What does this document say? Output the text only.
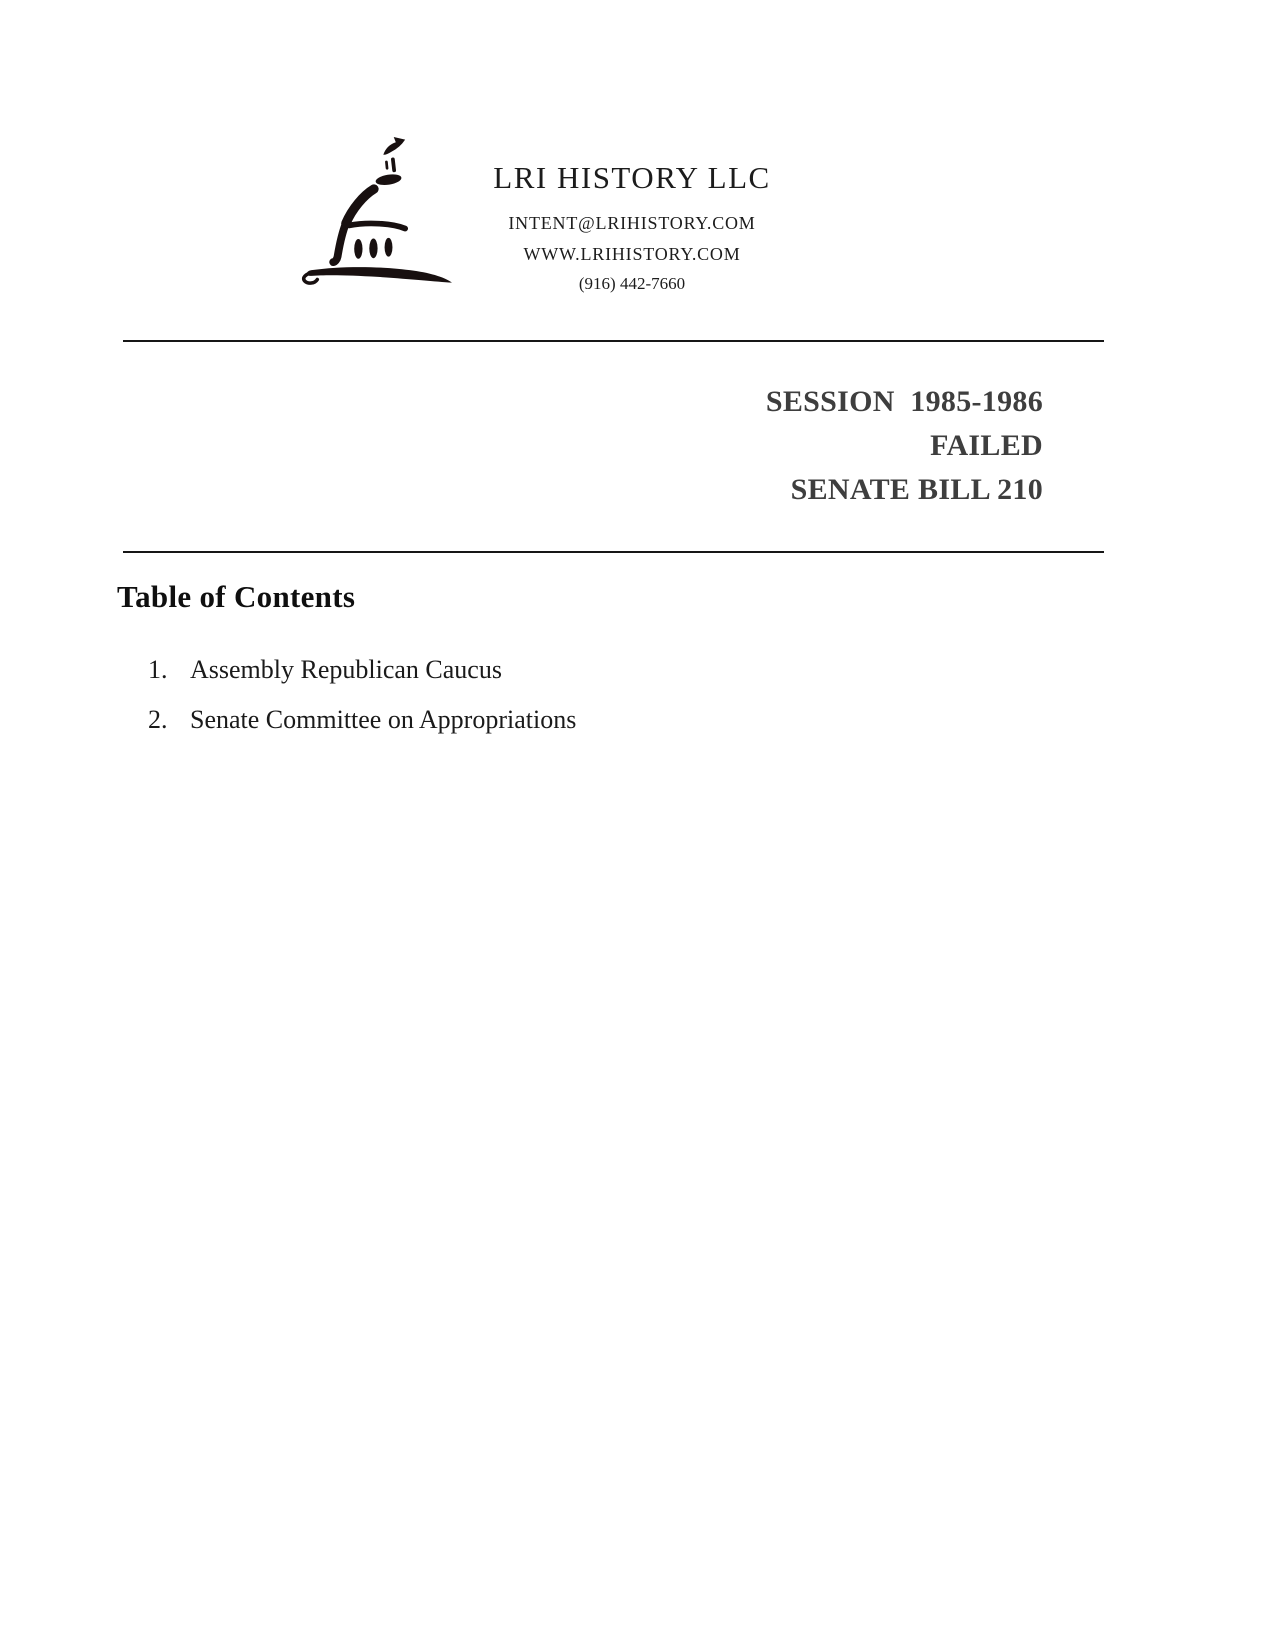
LRI HISTORY LLC
INTENT@LRIHISTORY.COM
WWW.LRIHISTORY.COM
(916) 442-7660
SESSION  1985-1986
FAILED
SENATE BILL 210
Table of Contents
1. Assembly Republican Caucus
2. Senate Committee on Appropriations
